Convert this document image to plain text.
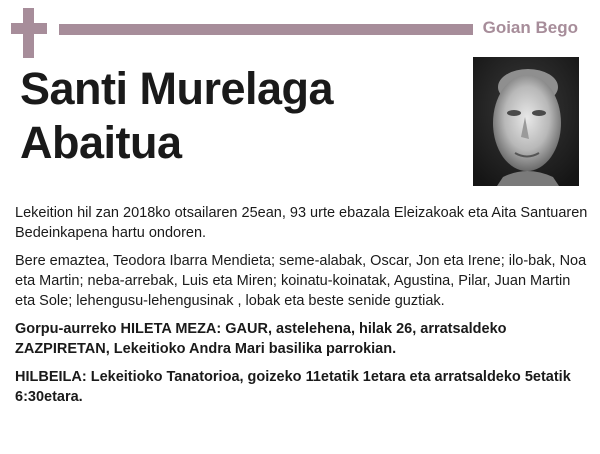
Goian Bego
Santi Murelaga
Abaitua

Lekeition hil zan 2018ko otsailaren 25ean, 93 urte ebazala Eleizakoak eta Aita Santuaren Bedeinkapena hartu ondoren.

Bere emaztea, Teodora Ibarra Mendieta; seme-alabak, Oscar, Jon eta Irene; ilo-bak, Noa eta Martin; neba-arrebak, Luis eta Miren; koinatu-koinatak, Agustina, Pilar, Juan Martin eta Sole; lehengusu-lehengusinak , lobak eta beste senide guztiak.

Gorpu-aurreko HILETA MEZA: GAUR, astelehena, hilak 26, arratsaldeko ZAZPIRETAN, Lekeitioko Andra Mari basilika parrokian.

HILBEILA: Lekeitioko Tanatorioa, goizeko 11etatik 1etara eta arratsaldeko 5etatik 6:30etara.
